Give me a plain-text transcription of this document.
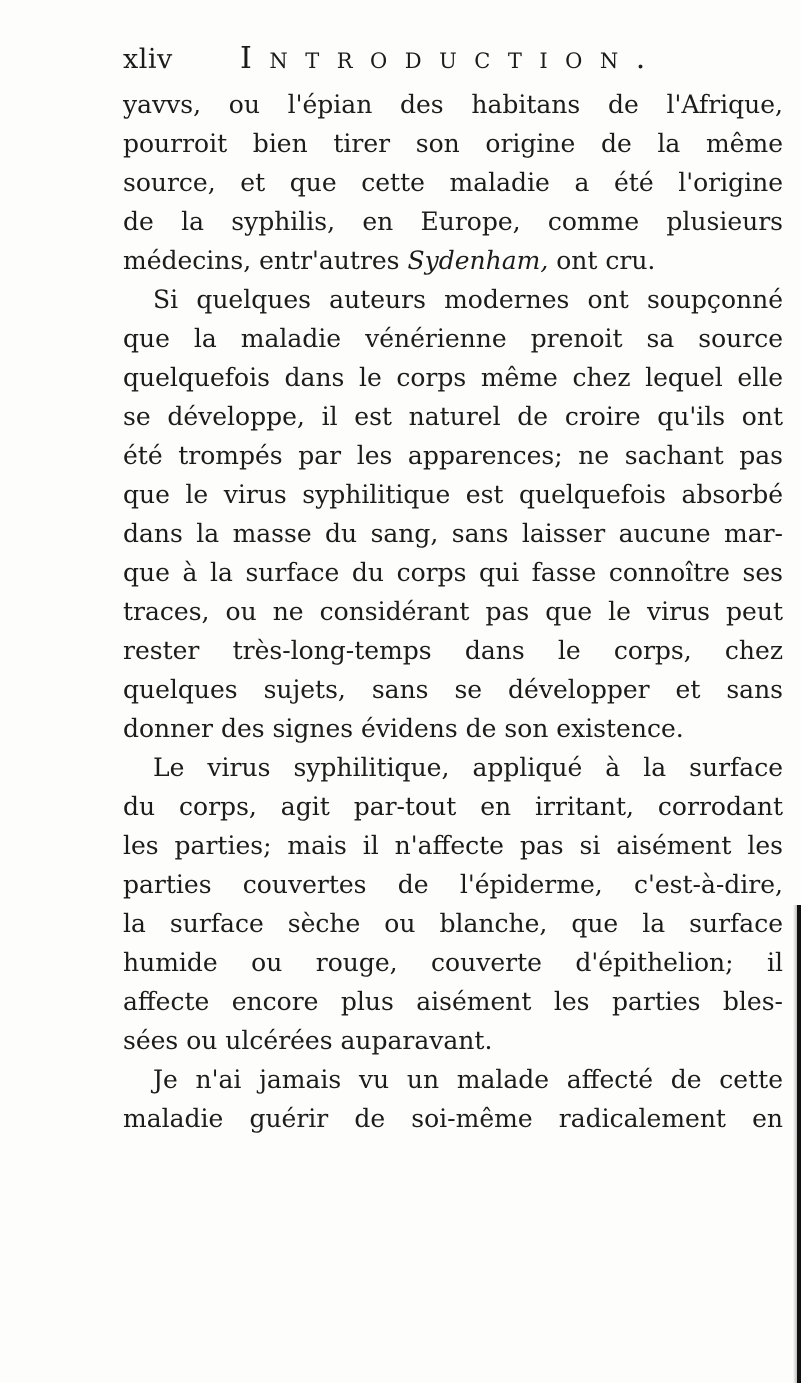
xliv Introduction.
yavvs, ou l'épian des habitans de l'Afrique,
pourroit bien tirer son origine de la même
source, et que cette maladie a été l'origine
de la syphilis, en Europe, comme plusieurs
médecins, entr'autres Sydenham, ont cru.
Si quelques auteurs modernes ont soupçonné
que la maladie vénérienne prenoit sa source
quelquefois dans le corps même chez lequel elle
se développe, il est naturel de croire qu'ils ont
été trompés par les apparences; ne sachant pas
que le virus syphilitique est quelquefois absorbé
dans la masse du sang, sans laisser aucune mar-
que à la surface du corps qui fasse connoître ses
traces, ou ne considérant pas que le virus peut
rester très-long-temps dans le corps, chez
quelques sujets, sans se développer et sans
donner des signes évidens de son existence.
Le virus syphilitique, appliqué à la surface
du corps, agit par-tout en irritant, corrodant
les parties; mais il n'affecte pas si aisément les
parties couvertes de l'épiderme, c'est-à-dire,
la surface sèche ou blanche, que la surface
humide ou rouge, couverte d'épithelion; il
affecte encore plus aisément les parties bles-
sées ou ulcérées auparavant.
Je n'ai jamais vu un malade affecté de cette
maladie guérir de soi-même radicalement en
